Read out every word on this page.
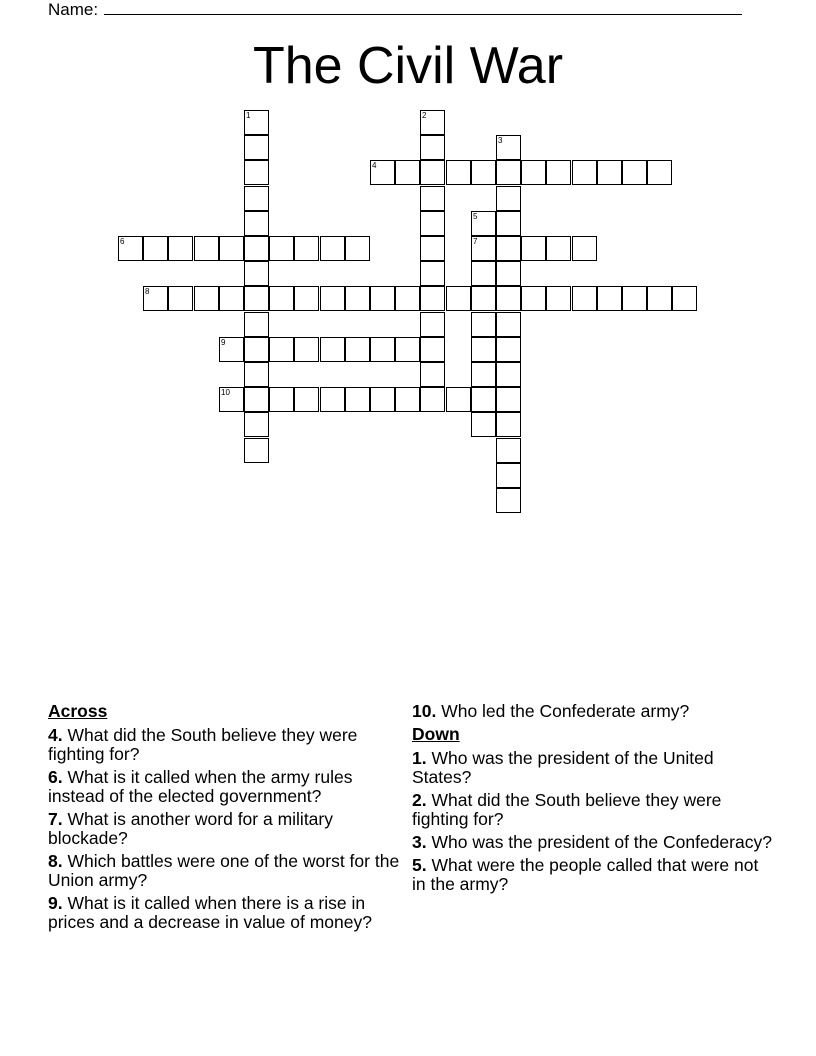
Name:
The Civil War
1	2
3
4
5
7
6
8
9
10
Across
4. What did the South believe they were fighting for?
6. What is it called when the army rules instead of the elected government?
7. What is another word for a military blockade?
8. Which battles were one of the worst for the Union army?
9. What is it called when there is a rise in prices and a decrease in value of money?
10. Who led the Confederate army?
Down
1. Who was the president of the United States?
2. What did the South believe they were fighting for?
3. Who was the president of the Confederacy?
5. What were the people called that were not in the army?
